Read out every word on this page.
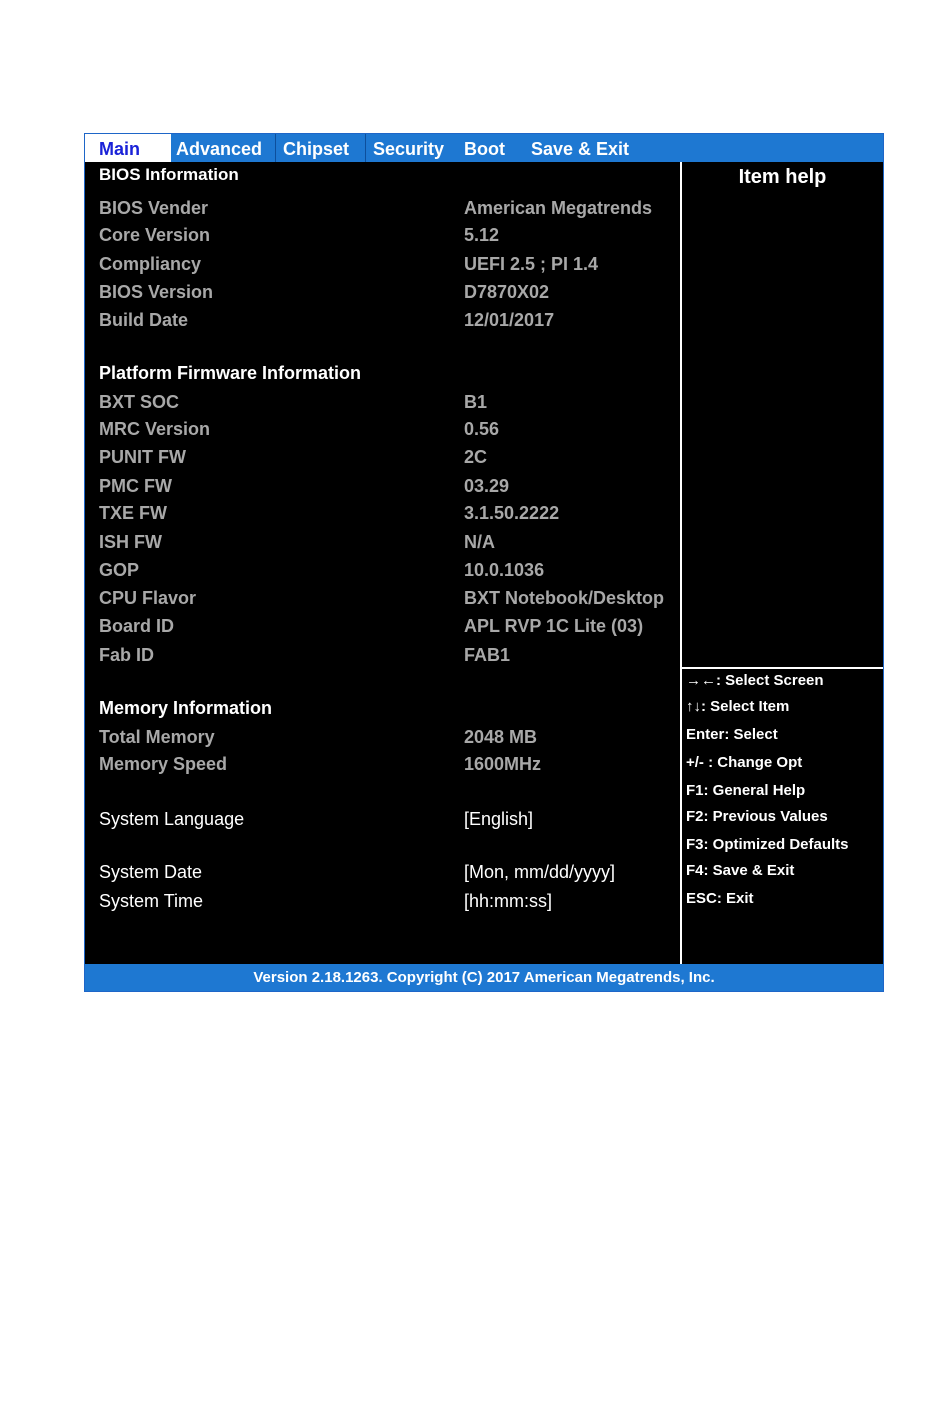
Main	Advanced Chipset Security Boot Save & Exit
BIOS Information
BIOS Vender	American Megatrends
Core Version	5.12
Compliancy	UEFI 2.5 ; PI 1.4
BIOS Version	D7870X02
Build Date	12/01/2017
Platform Firmware Information
BXT SOC	B1
MRC Version	0.56
PUNIT FW	2C
PMC FW	03.29
TXE FW	3.1.50.2222
ISH FW	N/A
GOP	10.0.1036
CPU Flavor	BXT Notebook/Desktop
Board ID	APL RVP 1C Lite (03)
Fab ID	FAB1
Memory Information
Total Memory	2048 MB
Memory Speed	1600MHz
System Language	[English]
System Date	[Mon, mm/dd/yyyy]
System Time	[hh:mm:ss]
Item help
→←: Select Screen
↑↓: Select Item
Enter: Select
+/- : Change Opt
F1: General Help
F2: Previous Values
F3: Optimized Defaults
F4: Save & Exit
ESC: Exit
Version 2.18.1263. Copyright (C) 2017 American Megatrends, Inc.
